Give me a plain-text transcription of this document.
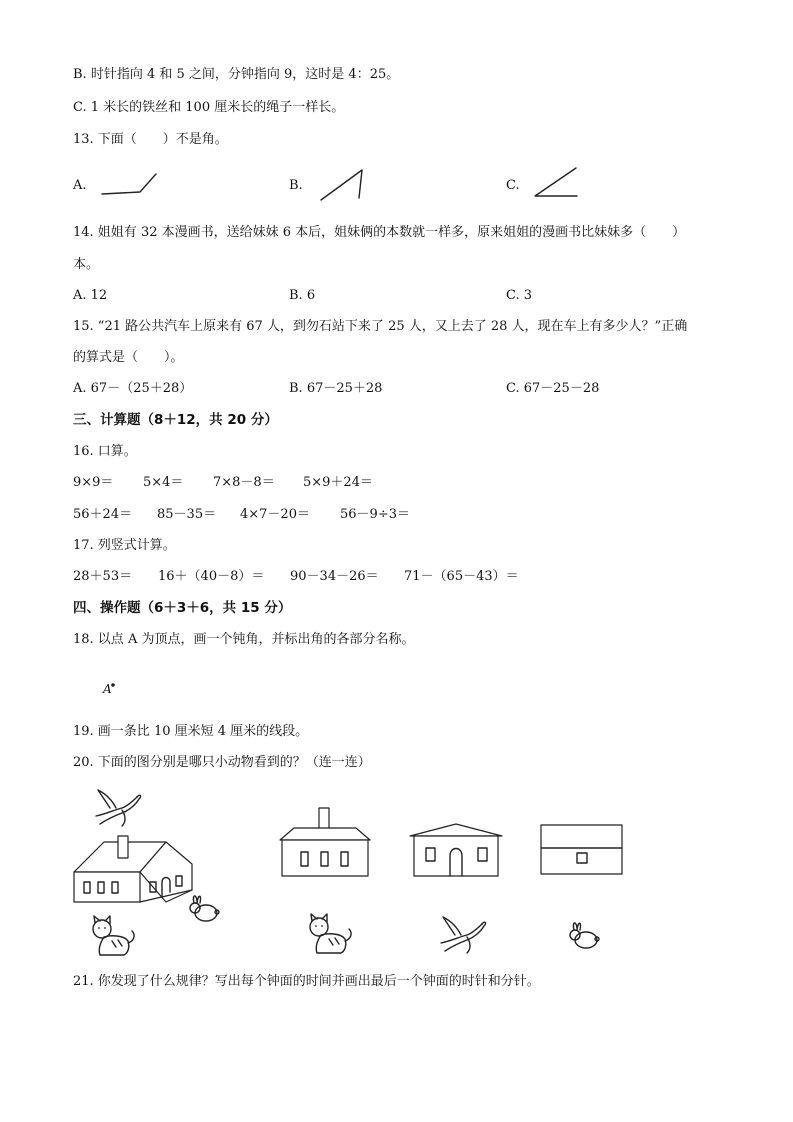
B. 时针指向 4 和 5 之间，分钟指向 9，这时是 4：25。
C. 1 米长的铁丝和 100 厘米长的绳子一样长。
13. 下面（　　）不是角。
A.	B.	C.
14. 姐姐有 32 本漫画书，送给妹妹 6 本后，姐妹俩的本数就一样多，原来姐姐的漫画书比妹妹多（　　）
本。
A. 12	B. 6	C. 3
15. “21 路公共汽车上原来有 67 人，到勿石站下来了 25 人，又上去了 28 人，现在车上有多少人？”正确
的算式是（　　）。
A. 67－（25＋28）	B. 67－25＋28	C. 67－25－28
三、计算题（8＋12，共 20 分）
16. 口算。
9×9＝ 5×4＝ 7×8－8＝ 5×9＋24＝
56＋24＝ 85－35＝ 4×7－20＝ 56－9÷3＝
17. 列竖式计算。
28＋53＝ 16＋（40－8）＝ 90－34－26＝ 71－（65－43）＝
四、操作题（6＋3＋6，共 15 分）
18. 以点 A 为顶点，画一个钝角，并标出角的各部分名称。
A
19. 画一条比 10 厘米短 4 厘米的线段。
20. 下面的图分别是哪只小动物看到的？（连一连）
21. 你发现了什么规律？写出每个钟面的时间并画出最后一个钟面的时针和分针。
